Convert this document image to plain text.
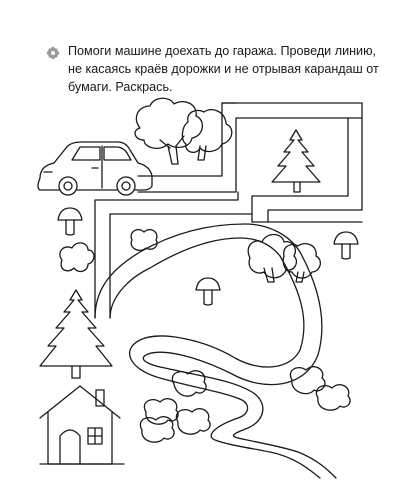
Помоги машине доехать до гаража. Проведи линию,
не касаясь краёв дорожки и не отрывая карандаш от
бумаги. Раскрась.
